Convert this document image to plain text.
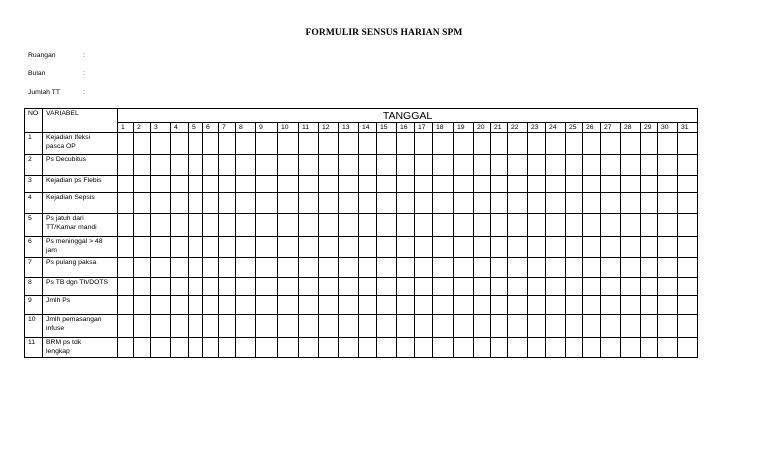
FORMULIR SENSUS HARIAN SPM
Ruangan	:
Bulan	:
Jumlah TT	:
NO	VARIABEL	TANGGAL																														
		1	2	3	4	5	6	7	8	9	10	11	12	13	14	15	16	17	18	19	20	21	22	23	24	25	26	27	28	29	30	31
1	Kejadian Ifeksi
pasca OP																															
2	Ps Decubitus																															
3	Kejadian ps Flebis																															
4	Kejadian Sepsis																															
5	Ps jatuh dari
TT/Kamar mandi																															
6	Ps meninggal > 48
jam																															
7	Ps pulang paksa																															
8	Ps TB dgn Th/DOTS																															
9	Jmlh Ps																															
10	Jmlh pemasangan
infuse																															
11	BRM ps tdk
lengkap																															
